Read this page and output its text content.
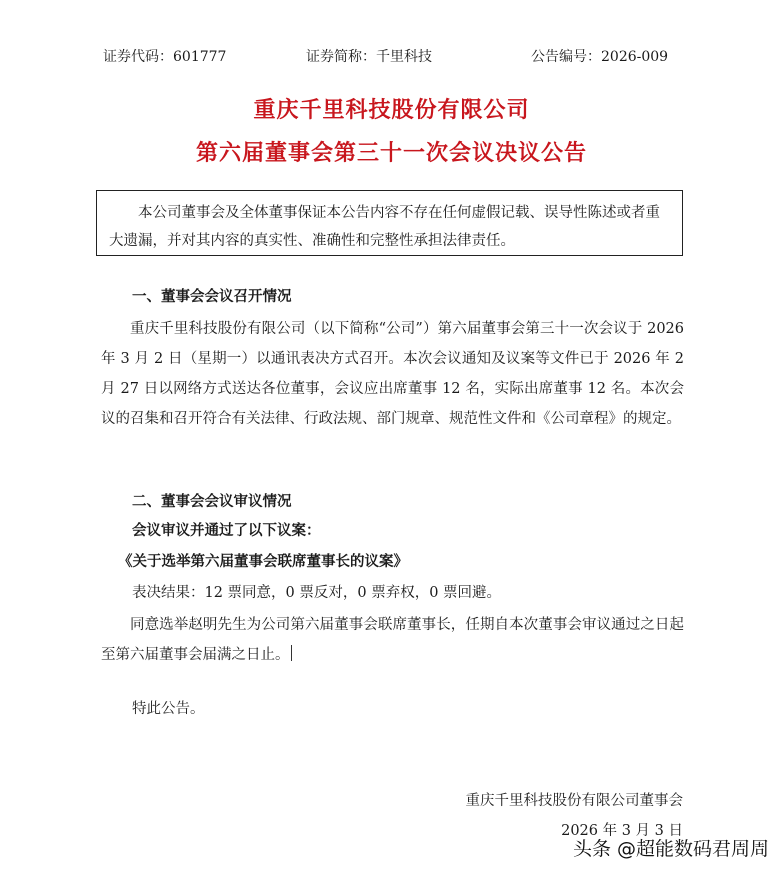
证券代码：601777	证券简称：千里科技	公告编号：2026-009
重庆千里科技股份有限公司
第六届董事会第三十一次会议决议公告
本公司董事会及全体董事保证本公告内容不存在任何虚假记载、误导性陈述或者重大遗漏，并对其内容的真实性、准确性和完整性承担法律责任。
一、董事会会议召开情况
重庆千里科技股份有限公司（以下简称“公司”）第六届董事会第三十一次会议于 2026 年 3 月 2 日（星期一）以通讯表决方式召开。本次会议通知及议案等文件已于 2026 年 2 月 27 日以网络方式送达各位董事，会议应出席董事 12 名，实际出席董事 12 名。本次会议的召集和召开符合有关法律、行政法规、部门规章、规范性文件和《公司章程》的规定。
二、董事会会议审议情况
会议审议并通过了以下议案：
《关于选举第六届董事会联席董事长的议案》
表决结果：12 票同意，0 票反对，0 票弃权，0 票回避。
同意选举赵明先生为公司第六届董事会联席董事长，任期自本次董事会审议通过之日起至第六届董事会届满之日止。
特此公告。
重庆千里科技股份有限公司董事会
2026 年 3 月 3 日
头条 @超能数码君周周
